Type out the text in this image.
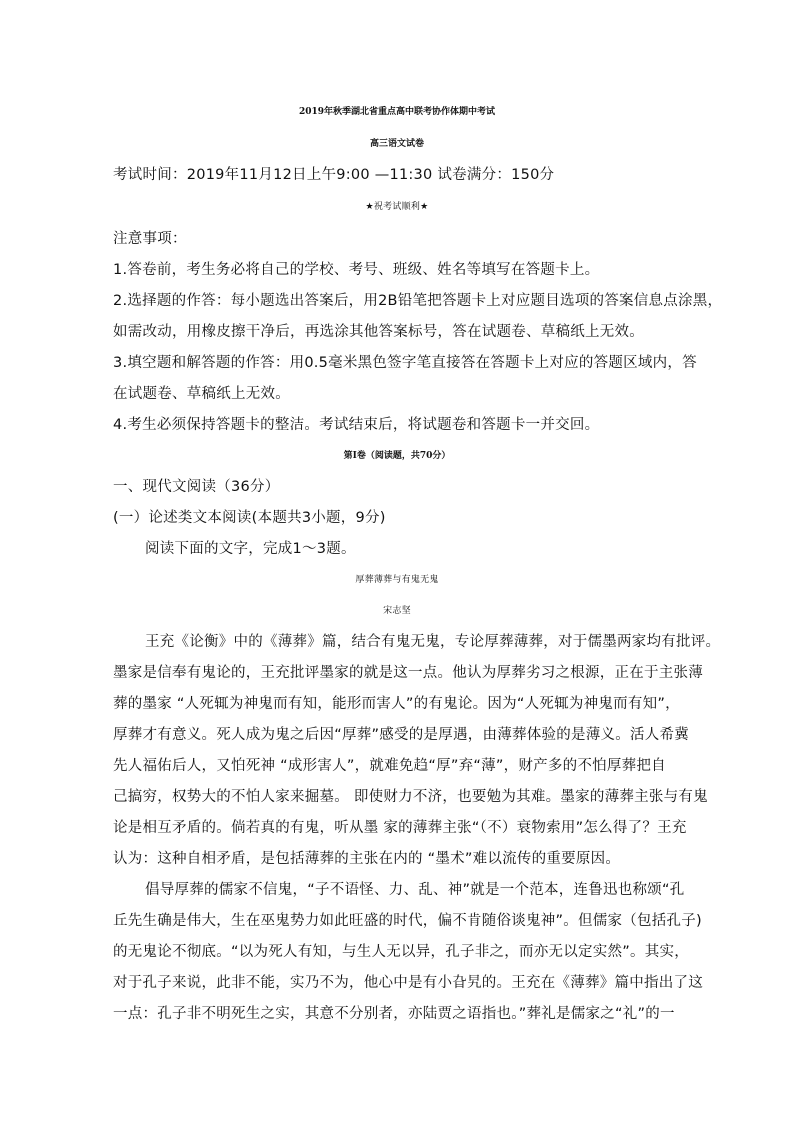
2019年秋季湖北省重点高中联考协作体期中考试
高三语文试卷
考试时间：2019年11月12日上午9:00 —11:30 试卷满分：150分
★祝考试顺利★
注意事项：
1.答卷前，考生务必将自己的学校、考号、班级、姓名等填写在答题卡上。
2.选择题的作答：每小题选出答案后，用2B铅笔把答题卡上对应题目选项的答案信息点涂黑，
如需改动，用橡皮擦干净后，再选涂其他答案标号，答在试题卷、草稿纸上无效。
3.填空题和解答题的作答：用0.5毫米黑色签字笔直接答在答题卡上对应的答题区域内，答
在试题卷、草稿纸上无效。
4.考生必须保持答题卡的整洁。考试结束后，将试题卷和答题卡一并交回。
第Ⅰ卷（阅读题，共70分）
一、现代文阅读（36分）
(一）论述类文本阅读(本题共3小题，9分)
阅读下面的文字，完成1～3题。
厚葬薄葬与有鬼无鬼
宋志坚
王充《论衡》中的《薄葬》篇，结合有鬼无鬼，专论厚葬薄葬，对于儒墨两家均有批评。
墨家是信奉有鬼论的，王充批评墨家的就是这一点。他认为厚葬劣习之根源，正在于主张薄
葬的墨家 “人死辄为神鬼而有知，能形而害人”的有鬼论。因为“人死辄为神鬼而有知”，
厚葬才有意义。死人成为鬼之后因“厚葬”感受的是厚遇，由薄葬体验的是薄义。活人希冀
先人福佑后人，又怕死神 “成形害人”，就难免趋“厚”弃“薄”，财产多的不怕厚葬把自
己搞穷，权势大的不怕人家来掘墓。 即使财力不济，也要勉为其难。墨家的薄葬主张与有鬼
论是相互矛盾的。倘若真的有鬼，听从墨 家的薄葬主张“（不）衰物索用”怎么得了？王充
认为：这种自相矛盾，是包括薄葬的主张在内的 “墨术”难以流传的重要原因。
倡导厚葬的儒家不信鬼，“子不语怪、力、乱、神”就是一个范本，连鲁迅也称颂“孔
丘先生确是伟大，生在巫鬼势力如此旺盛的时代，偏不肯随俗谈鬼神”。但儒家（包括孔子)
的无鬼论不彻底。“以为死人有知，与生人无以异，孔子非之，而亦无以定实然”。其实，
对于孔子来说，此非不能，实乃不为，他心中是有小旮旯的。王充在《薄葬》篇中指出了这
一点：孔子非不明死生之实，其意不分别者，亦陆贾之语指也。”葬礼是儒家之“礼”的一
